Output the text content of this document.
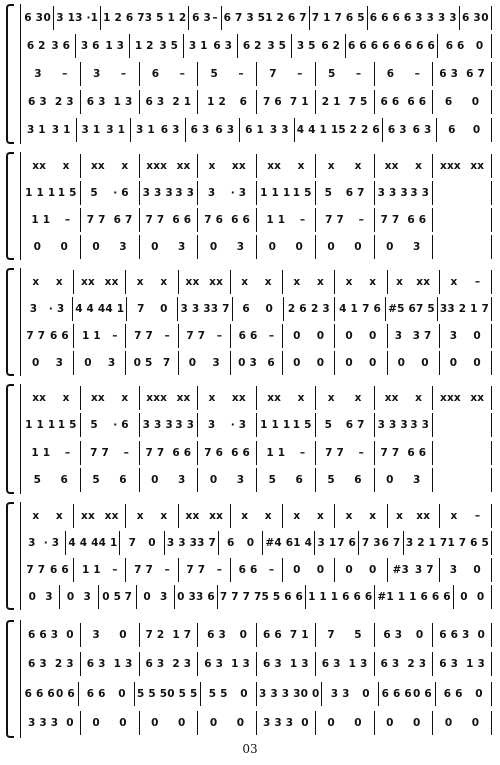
6 3 0 3 1 3 ·1 1 2 6 7 3 5 1 2 6 3 – 6 7 3 5 1 2 6 7 7 1 7 6 5 6 6 6 6 3 3 3 3 6 3 0
6 2 3 6 3 6 1 3 1 2 3 5 3 1 6 3 6 2 3 5 3 5 6 2 6 6 6 6 6 6 6 6 6 6 0
3 – 3 – 6 – 5 – 7 – 5 – 6 – 6 3 6 7
6 3 2 3 6 3 1 3 6 3 2 1 1 2 6 7 6 7 1 2 1 7 5 6 6 6 6 6 0
3 1 3 1 3 1 3 1 3 1 6 3 6 3 6 3 6 1 3 3 4 4 1 1 5 2 2 6 6 3 6 3 6 0
xx x xx x xxx xx x xx xx x x x xx x xxx xx
1 1 1 1 5 5 · 6 3 3 3 3 3 3 · 3 1 1 1 1 5 5 6 7 3 3 3 3 3
1 1 – 7 7 6 7 7 7 6 6 7 6 6 6 1 1 – 7 7 – 7 7 6 6
0 0 0 3 0 3 0 3 0 0 0 0 0 3
x x xx xx x x xx xx x x x x x x x xx x –
3 · 3 4 4 4 4 1 7 0 3 3 3 3 7 6 0 2 6 2 3 4 1 7 6 #5 6 7 5 3 3 2 1 7
7 7 6 6 1 1 – 7 7 – 7 7 – 6 6 – 0 0 0 0 3 3 7 3 0
0 3 0 3 0 5 7 0 3 0 3 6 0 0 0 0 0 0 0 0
xx x xx x xxx xx x xx xx x x x xx x xxx xx
1 1 1 1 5 5 · 6 3 3 3 3 3 3 · 3 1 1 1 1 5 5 6 7 3 3 3 3 3
1 1 – 7 7 – 7 7 6 6 7 6 6 6 1 1 – 7 7 – 7 7 6 6
5 6 5 6 0 3 0 3 5 6 5 6 0 3
x x xx xx x x xx xx x x x x x x x xx x –
3 · 3 4 4 4 4 1 7 0 3 3 3 3 7 6 0 #4 6 1 4 3 1 7 6 7 3 6 7 3 2 1 7 1 7 6 5
7 7 6 6 1 1 – 7 7 – 7 7 – 6 6 – 0 0 0 0 #3 3 7 3 0
0 3 0 3 0 5 7 0 3 0 3 3 6 7 7 7 7 5 5 6 6 1 1 1 6 6 6 #1 1 1 6 6 6 0 0
6 6 3 0 3 0 7 2 1 7 6 3 0 6 6 7 1 7 5 6 3 0 6 6 3 0
6 3 2 3 6 3 1 3 6 3 2 3 6 3 1 3 6 3 1 3 6 3 1 3 6 3 2 3 6 3 1 3
6 6 6 0 6 6 6 0 5 5 5 0 5 5 5 5 0 3 3 3 3 0 0 3 3 0 6 6 6 0 6 6 6 0
3 3 3 0 0 0 0 0 0 0 3 3 3 0 0 0 0 0 0 0
03
